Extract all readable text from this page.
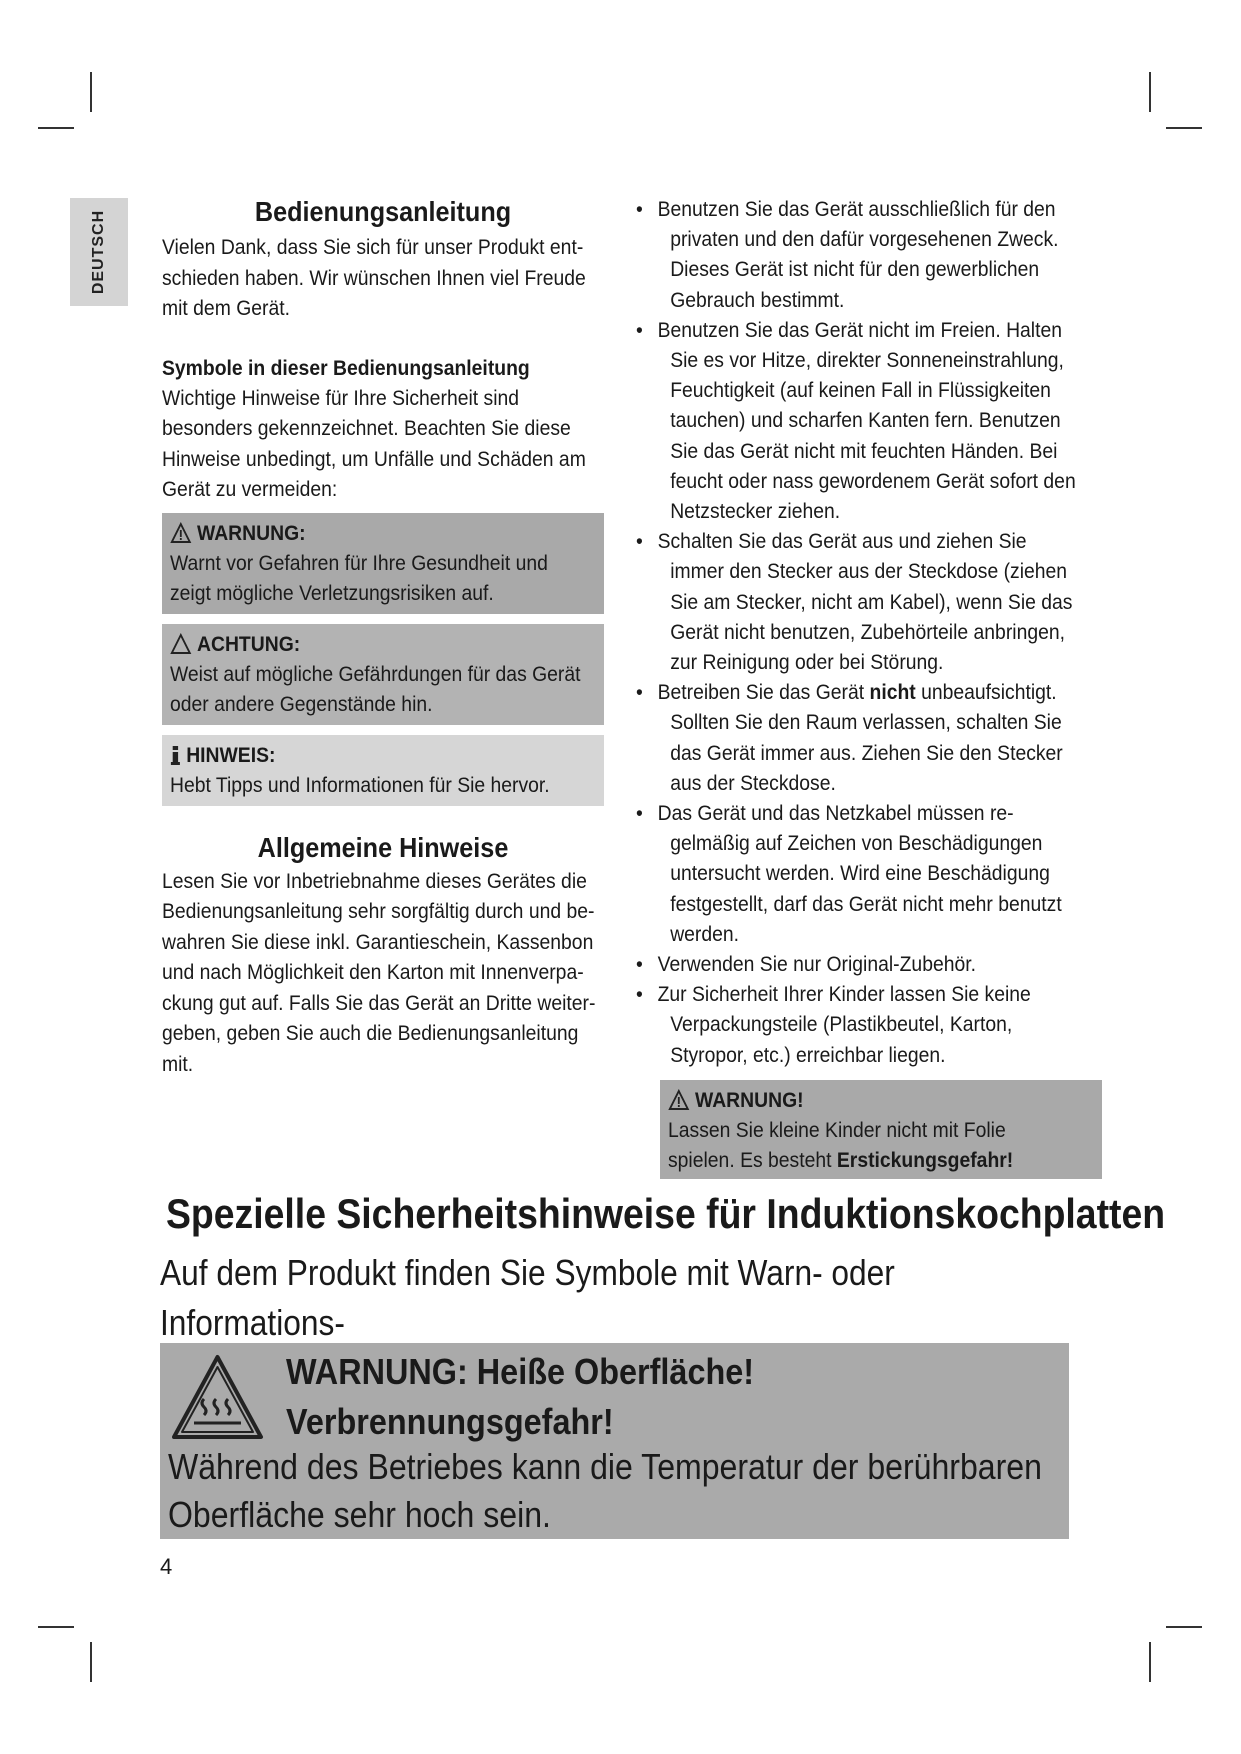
DEUTSCH	Bedienungsanleitung

Vielen Dank, dass Sie sich für unser Produkt ent-

schieden haben. Wir wünschen Ihnen viel Freude

mit dem Gerät.

Symbole in dieser Bedienungsanleitung

Wichtige Hinweise für Ihre Sicherheit sind

besonders gekennzeichnet. Beachten Sie diese

Hinweise unbedingt, um Unfälle und Schäden am

Gerät zu vermeiden:

WARNUNG:

Warnt vor Gefahren für Ihre Gesundheit und

zeigt mögliche Verletzungsrisiken auf.

ACHTUNG:

Weist auf mögliche Gefährdungen für das Gerät

oder andere Gegenstände hin.

HINWEIS:

Hebt Tipps und Informationen für Sie hervor.

Allgemeine Hinweise

Lesen Sie vor Inbetriebnahme dieses Gerätes die

Bedienungsanleitung sehr sorgfältig durch und be-

wahren Sie diese inkl. Garantieschein, Kassenbon

und nach Möglichkeit den Karton mit Innenverpa-

ckung gut auf. Falls Sie das Gerät an Dritte weiter-

geben, geben Sie auch die Bedienungsanleitung

mit.

• Benutzen Sie das Gerät ausschließlich für den

privaten und den dafür vorgesehenen Zweck.

Dieses Gerät ist nicht für den gewerblichen

Gebrauch bestimmt.

• Benutzen Sie das Gerät nicht im Freien. Halten

Sie es vor Hitze, direkter Sonneneinstrahlung,

Feuchtigkeit (auf keinen Fall in Flüssigkeiten

tauchen) und scharfen Kanten fern. Benutzen

Sie das Gerät nicht mit feuchten Händen. Bei

feucht oder nass gewordenem Gerät sofort den

Netzstecker ziehen.

• Schalten Sie das Gerät aus und ziehen Sie

immer den Stecker aus der Steckdose (ziehen

Sie am Stecker, nicht am Kabel), wenn Sie das

Gerät nicht benutzen, Zubehörteile anbringen,

zur Reinigung oder bei Störung.

• Betreiben Sie das Gerät nicht unbeaufsichtigt.

Sollten Sie den Raum verlassen, schalten Sie

das Gerät immer aus. Ziehen Sie den Stecker

aus der Steckdose.

• Das Gerät und das Netzkabel müssen re-

gelmäßig auf Zeichen von Beschädigungen

untersucht werden. Wird eine Beschädigung

festgestellt, darf das Gerät nicht mehr benutzt

werden.

• Verwenden Sie nur Original-Zubehör.

• Zur Sicherheit Ihrer Kinder lassen Sie keine

Verpackungsteile (Plastikbeutel, Karton,

Styropor, etc.) erreichbar liegen.

WARNUNG!

Lassen Sie kleine Kinder nicht mit Folie

spielen. Es besteht Erstickungsgefahr!

Spezielle Sicherheitshinweise für Induktionskochplatten

Auf dem Produkt finden Sie Symbole mit Warn- oder Informations-

WARNUNG: Heiße Oberfläche!

Verbrennungsgefahr!

Während des Betriebes kann die Temperatur der berührbaren

Oberfläche sehr hoch sein.

4
